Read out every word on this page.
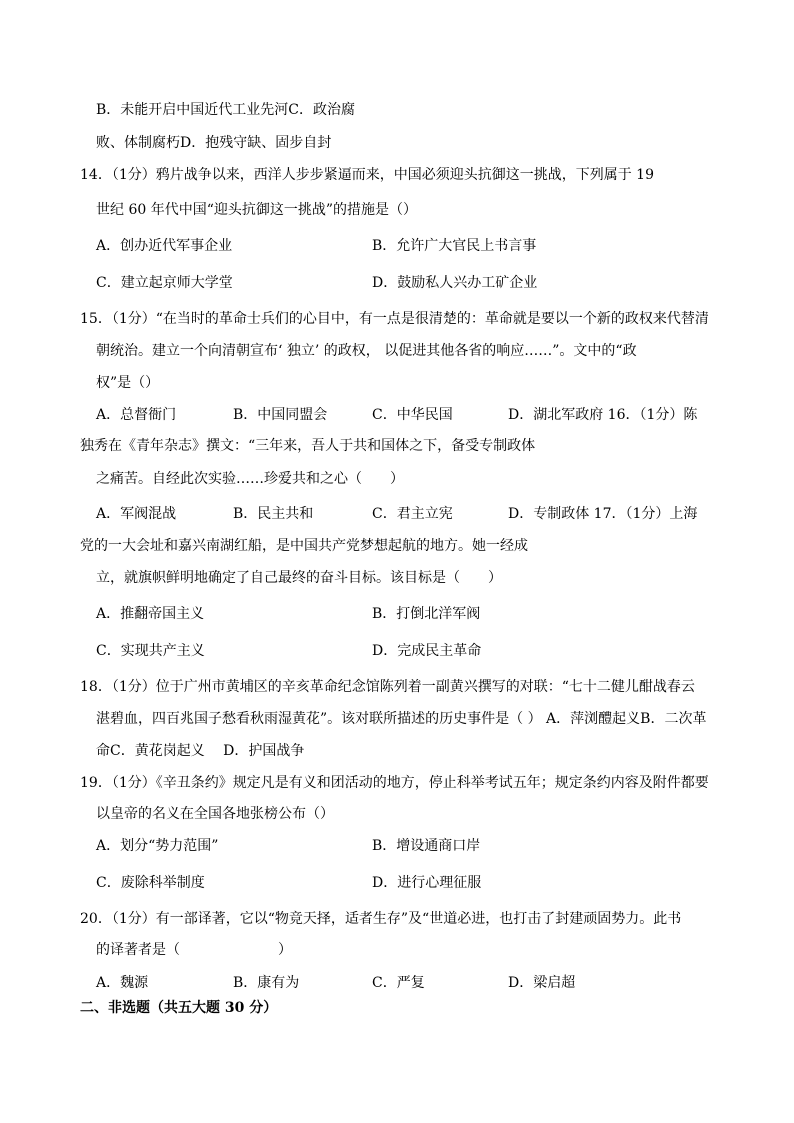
B．未能开启中国近代工业先河C．政治腐
败、体制腐朽D．抱残守缺、固步自封
14．（1分）鸦片战争以来，西洋人步步紧逼而来，中国必须迎头抗御这一挑战，下列属于 19
世纪 60 年代中国“迎头抗御这一挑战”的措施是（）
A．创办近代军事企业	B．允许广大官民上书言事
C．建立起京师大学堂	D．鼓励私人兴办工矿企业
15．（1分）“在当时的革命士兵们的心目中，有一点是很清楚的：革命就是要以一个新的政权来代替清
朝统治。建立一个向清朝宣布‘ 独立’ 的政权， 以促进其他各省的响应……”。文中的“政
权”是（）
A．总督衙门	B．中国同盟会	C．中华民国	D．湖北军政府 16．（1分）陈
独秀在《青年杂志》撰文：“三年来，吾人于共和国体之下，备受专制政体
之痛苦。自经此次实验……珍爱共和之心（　　）
A．军阀混战	B．民主共和	C．君主立宪	D．专制政体 17．（1分）上海
党的一大会址和嘉兴南湖红船，是中国共产党梦想起航的地方。她一经成
立，就旗帜鲜明地确定了自己最终的奋斗目标。该目标是（　　）
A．推翻帝国主义	B．打倒北洋军阀
C．实现共产主义	D．完成民主革命
18．（1分）位于广州市黄埔区的辛亥革命纪念馆陈列着一副黄兴撰写的对联：“七十二健儿酣战春云
湛碧血，四百兆国子愁看秋雨湿黄花”。该对联所描述的历史事件是（ ） A．萍浏醴起义B．二次革
命C．黄花岗起义　 D．护国战争
19．（1分）《辛丑条约》规定凡是有义和团活动的地方，停止科举考试五年；规定条约内容及附件都要
以皇帝的名义在全国各地张榜公布（）
A．划分“势力范围”	B．增设通商口岸
C．废除科举制度	D．进行心理征服
20．（1分）有一部译著，它以“物竞天择，适者生存”及“世道必进，也打击了封建顽固势力。此书
的译著者是（　　　　　　　）
A．魏源	B．康有为	C．严复	D．梁启超
二、非选题（共五大题 30 分）
